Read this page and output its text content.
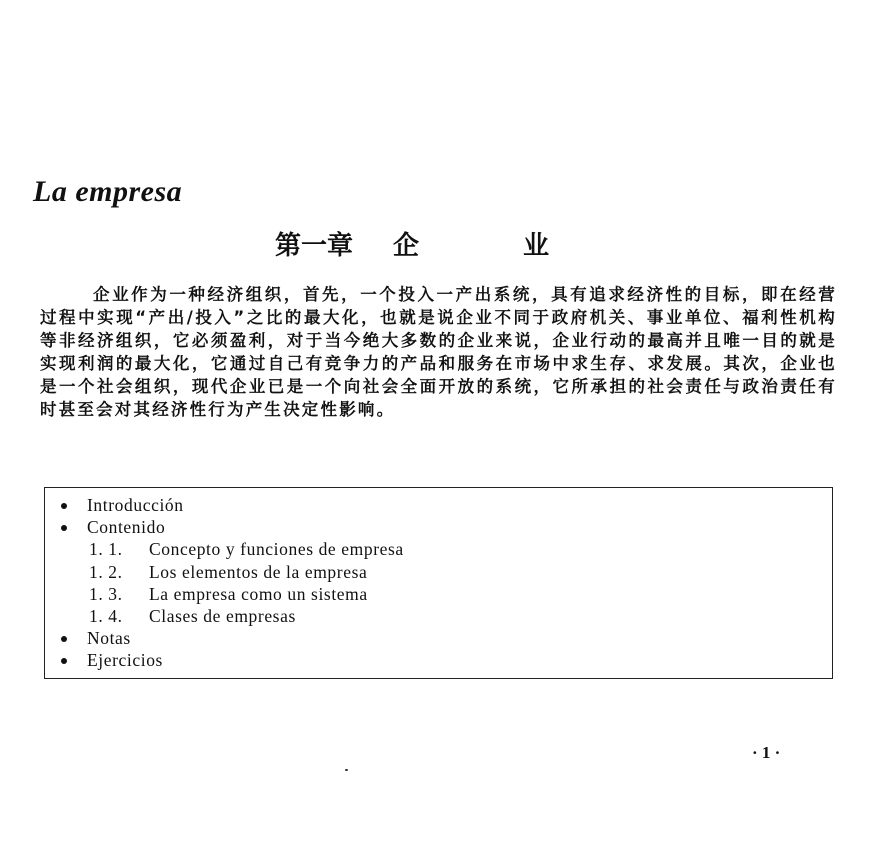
La empresa
第一章 企	业

企业作为一种经济组织，首先，一个投入一产出系统，具有追求经济性的目标，即在经营过程中实现“产出/投入”之比的最大化，也就是说企业不同于政府机关、事业单位、福利性机构等非经济组织，它必须盈利，对于当今绝大多数的企业来说，企业行动的最高并且唯一目的就是实现利润的最大化，它通过自己有竞争力的产品和服务在市场中求生存、求发展。其次，企业也是一个社会组织，现代企业已是一个向社会全面开放的系统，它所承担的社会责任与政治责任有时甚至会对其经济性行为产生决定性影响。

Introducción
Contenido
1. 1. Concepto y funciones de empresa
1. 2. Los elementos de la empresa
1. 3. La empresa como un sistema
1. 4. Clases de empresas
Notas
Ejercicios
· 1 ·
